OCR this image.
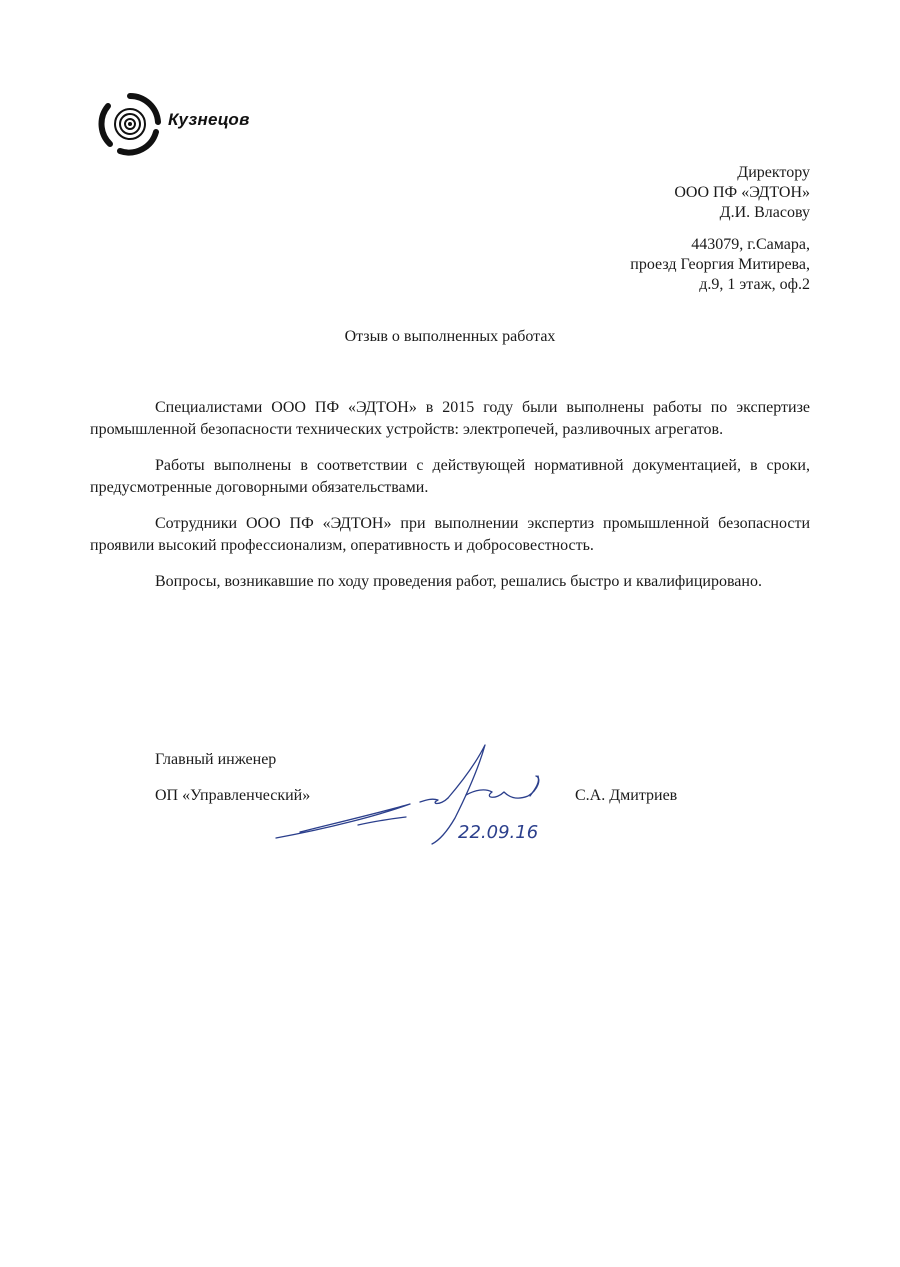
Кузнецов
Директору
ООО ПФ «ЭДТОН»
Д.И. Власову
443079, г.Самара,
проезд Георгия Митирева,
д.9, 1 этаж, оф.2
Отзыв о выполненных работах

Специалистами ООО ПФ «ЭДТОН» в 2015 году были выполнены работы по экспертизе промышленной безопасности технических устройств: электропечей, разливочных агрегатов.

Работы выполнены в соответствии с действующей нормативной документацией, в сроки, предусмотренные договорными обязательствами.

Сотрудники ООО ПФ «ЭДТОН» при выполнении экспертиз промышленной безопасности проявили высокий профессионализм, оперативность и добросовестность.

Вопросы, возникавшие по ходу проведения работ, решались быстро и квалифицировано.

Главный инженер
ОП «Управленческий»
22.09.16
С.А. Дмитриев
